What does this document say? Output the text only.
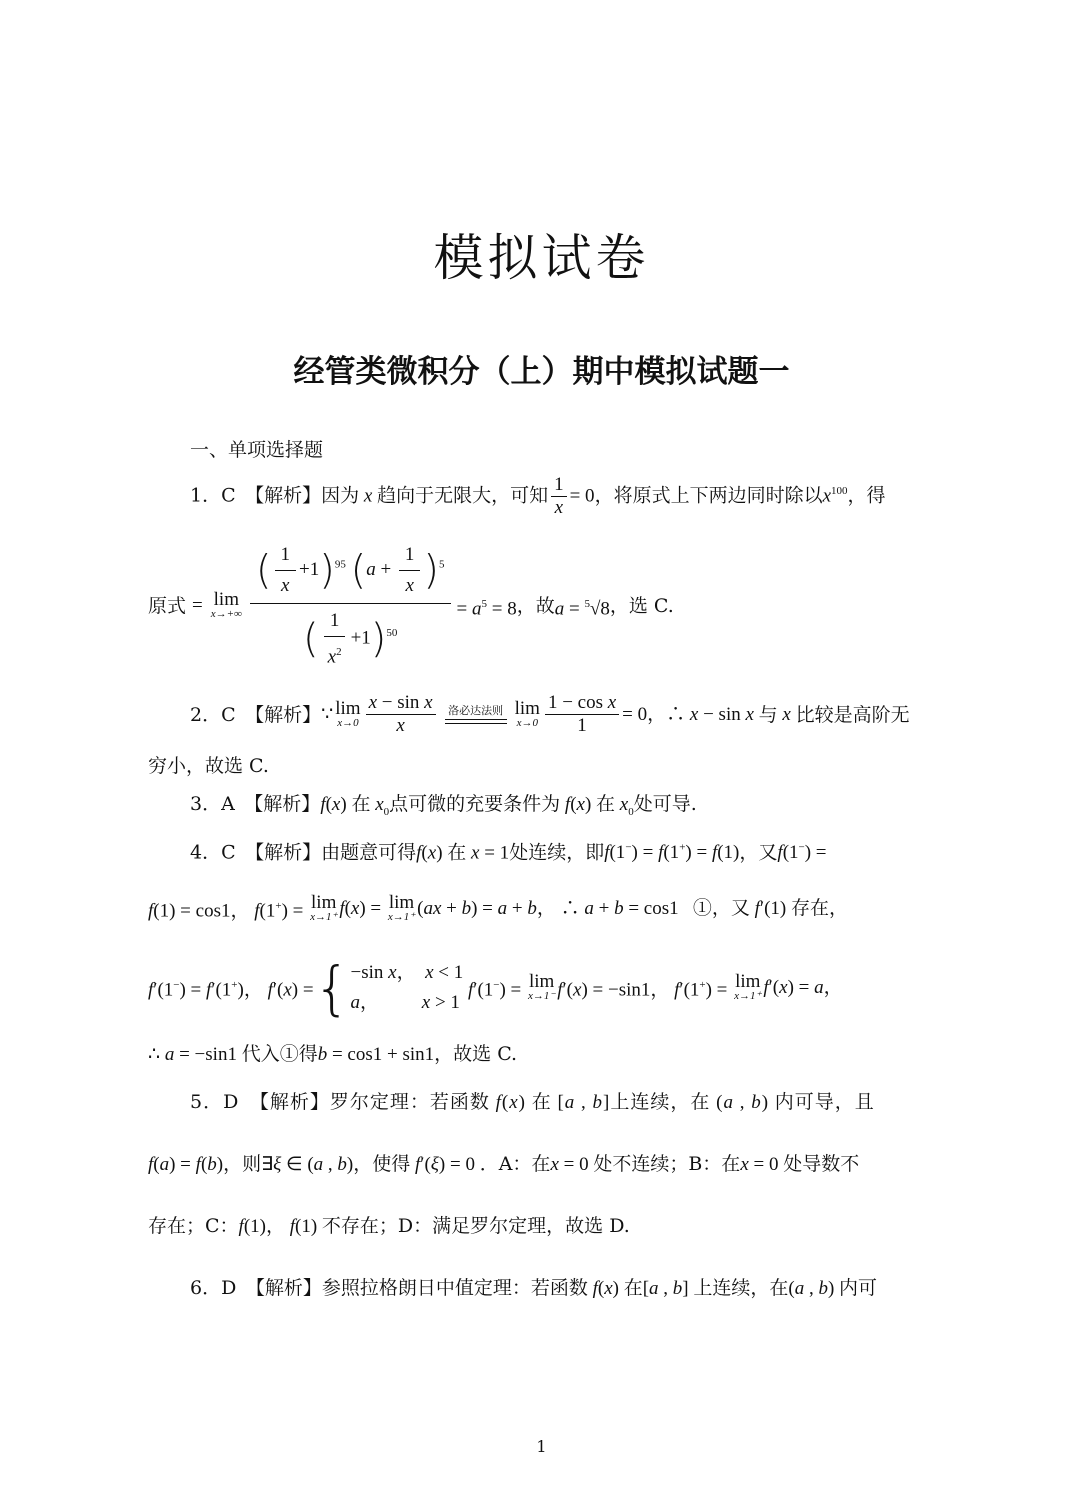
模拟试卷
经管类微积分（上）期中模拟试题一
一、单项选择题
1．C　【解析】因为 x 趋向于无限大，可知 $\frac{1}{x} = 0$，将原式上下两边同时除以$x^{100}$，得
原式 = lim
$x\to+\infty \frac{( \frac{1}{x} +1)^{95} (a + \frac{1}{x} )^5}{( \frac{1}{x^2} +1)^{50}} = a^5 = 8$ ，故 a = $^5$√8 ，选 C.
2．C　【解析】 ∵ lim
$x\to 0 \frac{\text{x − sin x}}{x}$ 洛必达法则 lim
$x\to 0 \frac{\text{1 − cos x}}{1} = 0$，∴ x − sin x 与 x 比较是高阶无
穷小，故选 C.
3．A　【解析】f(x) 在 $x_0$点可微的充要条件为 f(x) 在 $x_0$处可导.
4．C　【解析】由题意可得f(x) 在 x = 1处连续，即f(1−) = f(1+) = f(1)，又f(1−) =
f(1) = cos1， f(1+) = lim
x→1⁺ f(x) = lim
x→1⁺ (ax + b) = a + b， ∴ a + b = cos1 ①，又 f′(1) 存在，
f′(1−) = f′(1+)， f′(x) = { −sin x，  x < 1
a，         x > 1
f′(1−) = lim
x→1⁻ f′(x) = −sin1， f′(1+) = lim
x→1⁺ f′(x) = a，
∴ a = −sin1 代入①得b = cos1 + sin1，故选 C.
5．D　【解析】罗尔定理：若函数 f(x) 在 [a , b]上连续，在 (a , b) 内可导，且
f(a) = f(b)，则∃ξ ∈ (a , b)，使得 f′(ξ) = 0 ．A：在x = 0 处不连续；B：在x = 0 处导数不
存在；C：f(1)， f(1) 不存在；D：满足罗尔定理，故选 D.
6．D　【解析】参照拉格朗日中值定理：若函数 f(x) 在[a , b] 上连续，在(a , b) 内可
1
